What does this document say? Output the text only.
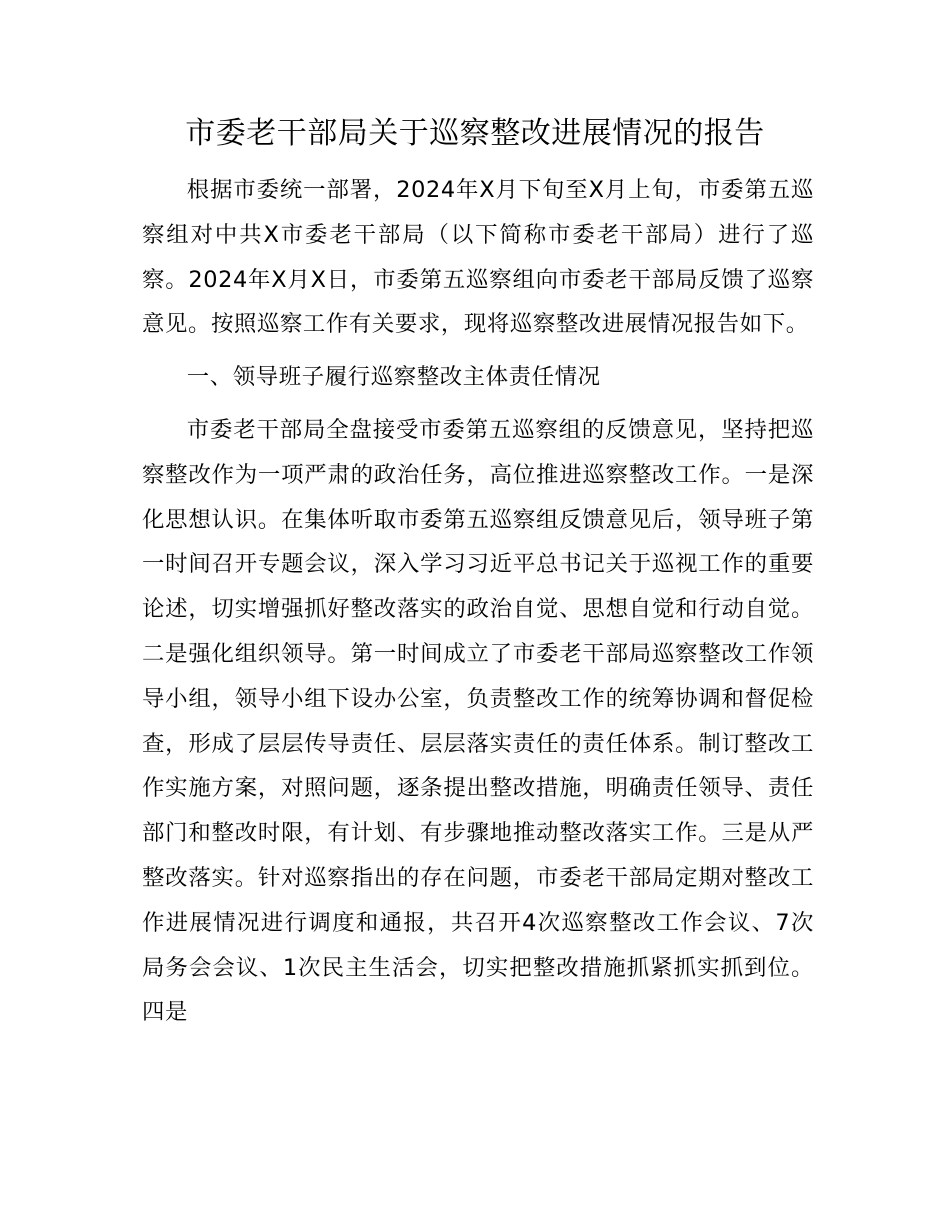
市委老干部局关于巡察整改进展情况的报告

根据市委统一部署，2024年X月下旬至X月上旬，市委第五巡察组对中共X市委老干部局（以下简称市委老干部局）进行了巡察。2024年X月X日，市委第五巡察组向市委老干部局反馈了巡察意见。按照巡察工作有关要求，现将巡察整改进展情况报告如下。

一、领导班子履行巡察整改主体责任情况

市委老干部局全盘接受市委第五巡察组的反馈意见，坚持把巡察整改作为一项严肃的政治任务，高位推进巡察整改工作。一是深化思想认识。在集体听取市委第五巡察组反馈意见后，领导班子第一时间召开专题会议，深入学习习近平总书记关于巡视工作的重要论述，切实增强抓好整改落实的政治自觉、思想自觉和行动自觉。二是强化组织领导。第一时间成立了市委老干部局巡察整改工作领导小组，领导小组下设办公室，负责整改工作的统筹协调和督促检查，形成了层层传导责任、层层落实责任的责任体系。制订整改工作实施方案，对照问题，逐条提出整改措施，明确责任领导、责任部门和整改时限，有计划、有步骤地推动整改落实工作。三是从严整改落实。针对巡察指出的存在问题，市委老干部局定期对整改工作进展情况进行调度和通报，共召开4次巡察整改工作会议、7次局务会会议、1次民主生活会，切实把整改措施抓紧抓实抓到位。四是
